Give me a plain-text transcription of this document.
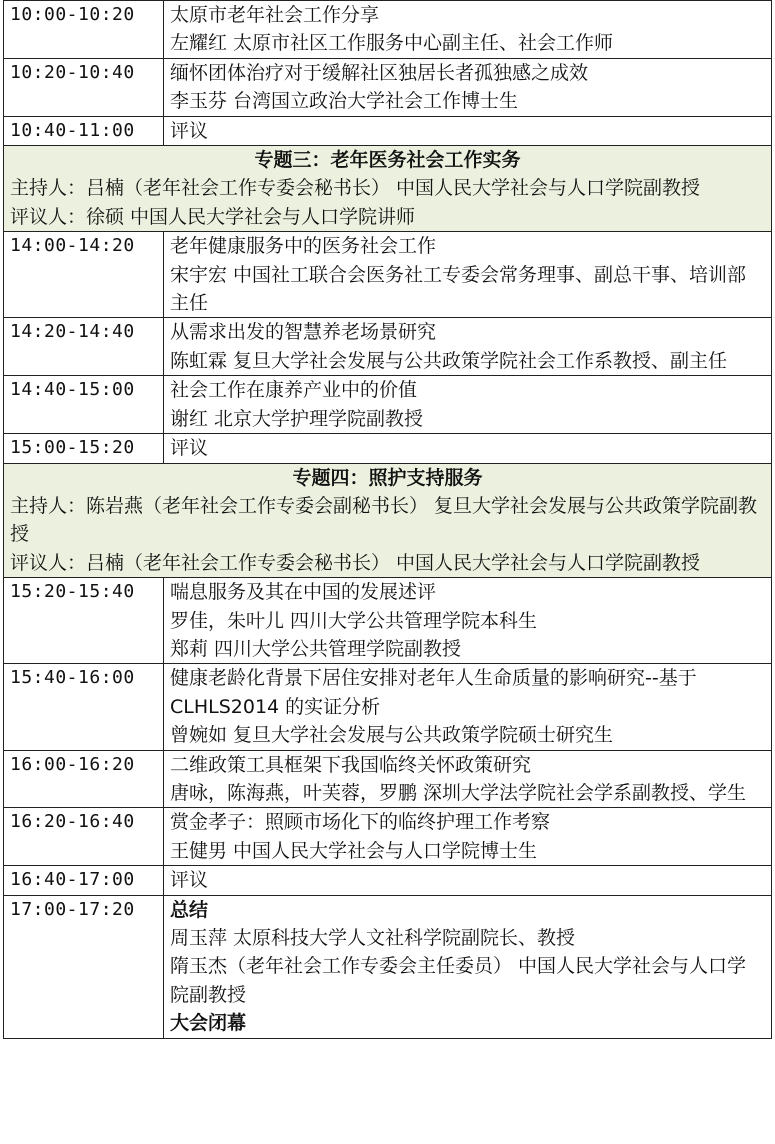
10:00-10:20	太原市老年社会工作分享
左耀红 太原市社区工作服务中心副主任、社会工作师

10:20-10:40	缅怀团体治疗对于缓解社区独居长者孤独感之成效
李玉芬 台湾国立政治大学社会工作博士生

10:40-11:00	评议

专题三：老年医务社会工作实务
主持人：吕楠（老年社会工作专委会秘书长） 中国人民大学社会与人口学院副教授
评议人：徐硕 中国人民大学社会与人口学院讲师	

14:00-14:20	老年健康服务中的医务社会工作
宋宇宏 中国社工联合会医务社工专委会常务理事、副总干事、培训部主任

14:20-14:40	从需求出发的智慧养老场景研究
陈虹霖 复旦大学社会发展与公共政策学院社会工作系教授、副主任

14:40-15:00	社会工作在康养产业中的价值
谢红 北京大学护理学院副教授

15:00-15:20	评议

专题四：照护支持服务
主持人：陈岩燕（老年社会工作专委会副秘书长） 复旦大学社会发展与公共政策学院副教授
评议人：吕楠（老年社会工作专委会秘书长） 中国人民大学社会与人口学院副教授	

15:20-15:40	喘息服务及其在中国的发展述评
罗佳，朱叶儿 四川大学公共管理学院本科生
郑莉 四川大学公共管理学院副教授

15:40-16:00	健康老龄化背景下居住安排对老年人生命质量的影响研究--基于 CLHLS2014 的实证分析
曾婉如 复旦大学社会发展与公共政策学院硕士研究生

16:00-16:20	二维政策工具框架下我国临终关怀政策研究
唐咏，陈海燕，叶芙蓉，罗鹏 深圳大学法学院社会学系副教授、学生

16:20-16:40	赏金孝子：照顾市场化下的临终护理工作考察
王健男 中国人民大学社会与人口学院博士生

16:40-17:00	评议

17:00-17:20	总结
周玉萍 太原科技大学人文社科学院副院长、教授
隋玉杰（老年社会工作专委会主任委员） 中国人民大学社会与人口学院副教授
大会闭幕
